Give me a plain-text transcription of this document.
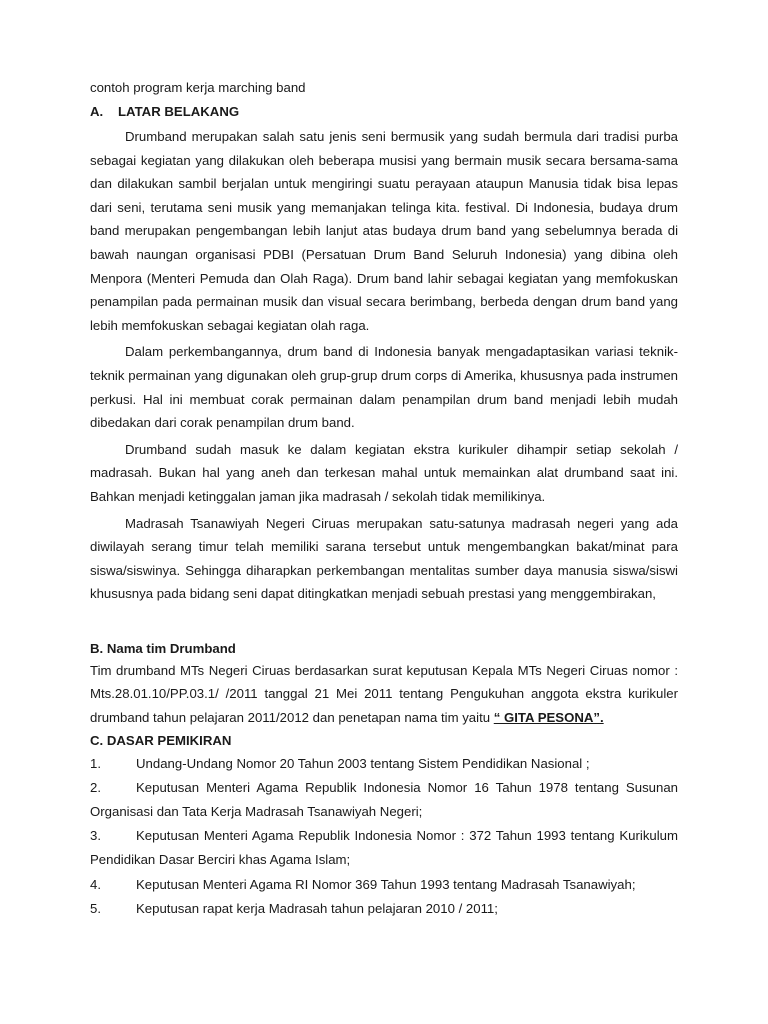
contoh program kerja marching band

A. LATAR BELAKANG

Drumband merupakan salah satu jenis seni bermusik yang sudah bermula dari tradisi purba sebagai kegiatan yang dilakukan oleh beberapa musisi yang bermain musik secara bersama-sama dan dilakukan sambil berjalan untuk mengiringi suatu perayaan ataupun Manusia tidak bisa lepas dari seni, terutama seni musik yang memanjakan telinga kita. festival. Di Indonesia, budaya drum band merupakan pengembangan lebih lanjut atas budaya drum band yang sebelumnya berada di bawah naungan organisasi PDBI (Persatuan Drum Band Seluruh Indonesia) yang dibina oleh Menpora (Menteri Pemuda dan Olah Raga). Drum band lahir sebagai kegiatan yang memfokuskan penampilan pada permainan musik dan visual secara berimbang, berbeda dengan drum band yang lebih memfokuskan sebagai kegiatan olah raga.

Dalam perkembangannya, drum band di Indonesia banyak mengadaptasikan variasi teknik-teknik permainan yang digunakan oleh grup-grup drum corps di Amerika, khususnya pada instrumen perkusi. Hal ini membuat corak permainan dalam penampilan drum band menjadi lebih mudah dibedakan dari corak penampilan drum band.

Drumband sudah masuk ke dalam kegiatan ekstra kurikuler dihampir setiap sekolah / madrasah. Bukan hal yang aneh dan terkesan mahal untuk memainkan alat drumband saat ini. Bahkan menjadi ketinggalan jaman jika madrasah / sekolah tidak memilikinya.

Madrasah Tsanawiyah Negeri Ciruas merupakan satu-satunya madrasah negeri yang ada diwilayah serang timur telah memiliki sarana tersebut untuk mengembangkan bakat/minat para siswa/siswinya. Sehingga diharapkan perkembangan mentalitas sumber daya manusia siswa/siswi khususnya pada bidang seni dapat ditingkatkan menjadi sebuah prestasi yang menggembirakan,

B. Nama tim Drumband

Tim drumband MTs Negeri Ciruas berdasarkan surat keputusan Kepala MTs Negeri Ciruas nomor : Mts.28.01.10/PP.03.1/ /2011 tanggal 21 Mei 2011 tentang Pengukuhan anggota ekstra kurikuler drumband tahun pelajaran 2011/2012 dan penetapan nama tim yaitu “ GITA PESONA”.

C. DASAR PEMIKIRAN

1.	Undang-Undang Nomor 20 Tahun 2003 tentang Sistem Pendidikan Nasional ;

2.	Keputusan Menteri Agama Republik Indonesia Nomor 16 Tahun 1978 tentang Susunan Organisasi dan Tata Kerja Madrasah Tsanawiyah Negeri;

3.	Keputusan Menteri Agama Republik Indonesia Nomor : 372 Tahun 1993 tentang Kurikulum Pendidikan Dasar Berciri khas Agama Islam;

4.	Keputusan Menteri Agama RI Nomor 369 Tahun 1993 tentang Madrasah Tsanawiyah;

5.	Keputusan rapat kerja Madrasah tahun pelajaran 2010 / 2011;
